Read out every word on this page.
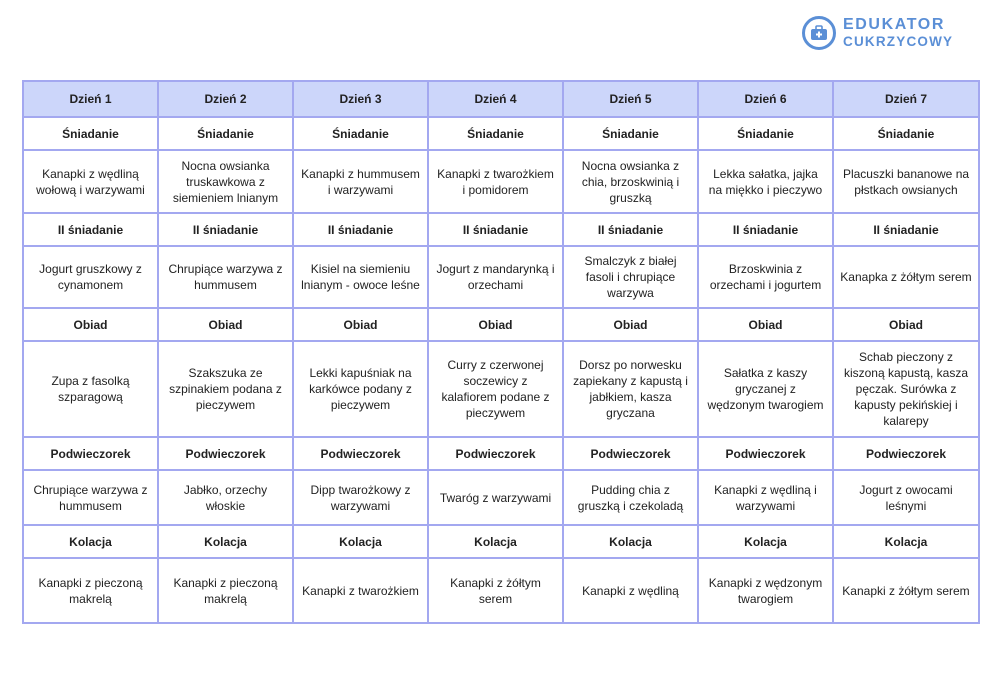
EDUKATOR
CUKRZYCOWY
Dzień 1	Dzień 2	Dzień 3	Dzień 4	Dzień 5	Dzień 6	Dzień 7
Śniadanie	Śniadanie	Śniadanie	Śniadanie	Śniadanie	Śniadanie	Śniadanie
Kanapki z wędliną wołową i warzywami	Nocna owsianka truskawkowa z siemieniem lnianym	Kanapki z hummusem i warzywami	Kanapki z twarożkiem i pomidorem	Nocna owsianka z chia, brzoskwinią i gruszką	Lekka sałatka, jajka na miękko i pieczywo	Placuszki bananowe na płstkach owsianych
II śniadanie	II śniadanie	II śniadanie	II śniadanie	II śniadanie	II śniadanie	II śniadanie
Jogurt gruszkowy z cynamonem	Chrupiące warzywa z hummusem	Kisiel na siemieniu lnianym - owoce leśne	Jogurt z mandarynką i orzechami	Smalczyk z białej fasoli i chrupiące warzywa	Brzoskwinia z orzechami i jogurtem	Kanapka z żółtym serem
Obiad	Obiad	Obiad	Obiad	Obiad	Obiad	Obiad
Zupa z fasolką szparagową	Szakszuka ze szpinakiem podana z pieczywem	Lekki kapuśniak na karkówce podany z pieczywem	Curry z czerwonej soczewicy z kalafiorem podane z pieczywem	Dorsz po norwesku zapiekany z kapustą i jabłkiem, kasza gryczana	Sałatka z kaszy gryczanej z wędzonym twarogiem	Schab pieczony z kiszoną kapustą, kasza pęczak. Surówka z kapusty pekińskiej i kalarepy
Podwieczorek	Podwieczorek	Podwieczorek	Podwieczorek	Podwieczorek	Podwieczorek	Podwieczorek
Chrupiące warzywa z hummusem	Jabłko, orzechy włoskie	Dipp twarożkowy z warzywami	Twaróg z warzywami	Pudding chia z gruszką i czekoladą	Kanapki z wędliną i warzywami	Jogurt z owocami leśnymi
Kolacja	Kolacja	Kolacja	Kolacja	Kolacja	Kolacja	Kolacja
Kanapki z pieczoną makrelą	Kanapki z pieczoną makrelą	Kanapki z twarożkiem	Kanapki z żółtym serem	Kanapki z wędliną	Kanapki z wędzonym twarogiem	Kanapki z żółtym serem
